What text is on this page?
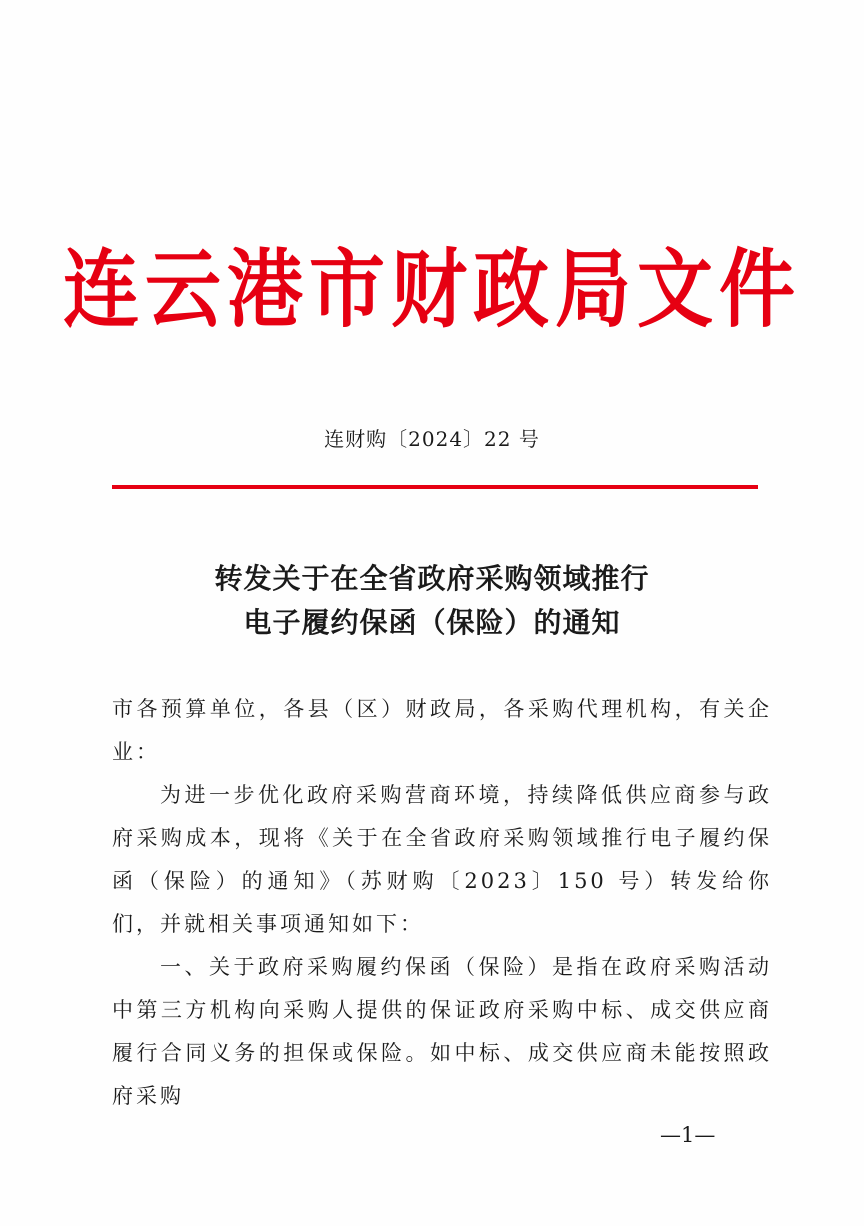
连云港市财政局文件
连财购〔2024〕22 号
转发关于在全省政府采购领域推行
电子履约保函（保险）的通知

市各预算单位，各县（区）财政局，各采购代理机构，有关企业：

为进一步优化政府采购营商环境，持续降低供应商参与政府采购成本，现将《关于在全省政府采购领域推行电子履约保函（保险）的通知》（苏财购〔2023〕150 号）转发给你们，并就相关事项通知如下：

一、关于政府采购履约保函（保险）是指在政府采购活动中第三方机构向采购人提供的保证政府采购中标、成交供应商履行合同义务的担保或保险。如中标、成交供应商未能按照政府采购

—1—
